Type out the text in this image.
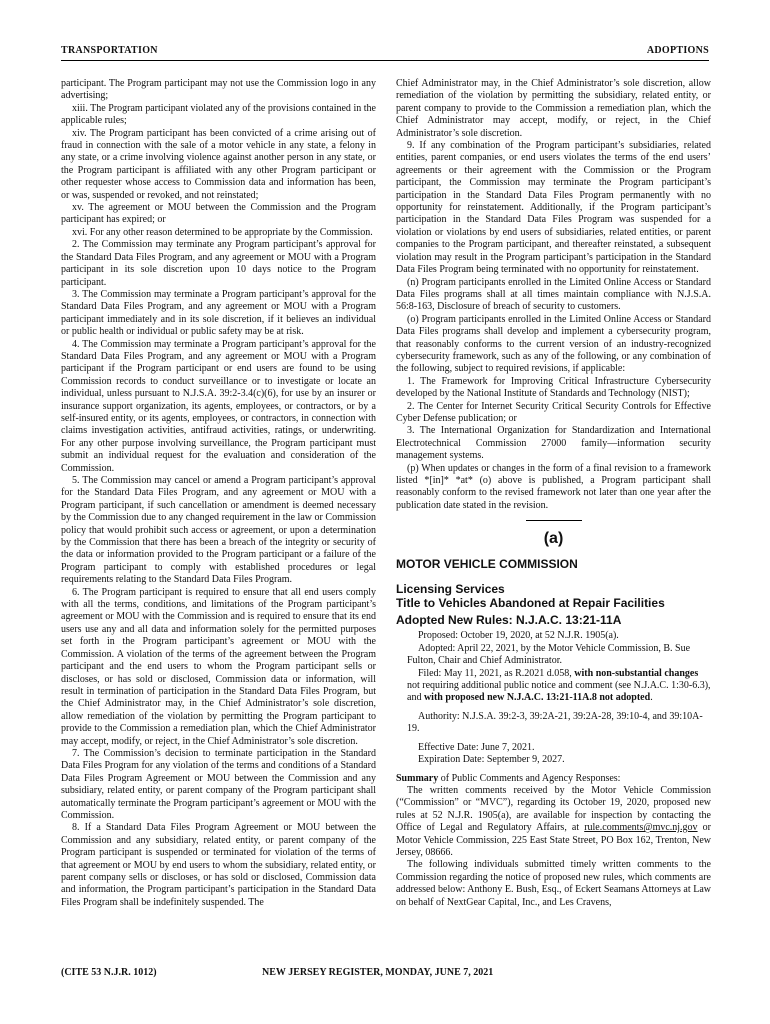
TRANSPORTATION	ADOPTIONS

participant. The Program participant may not use the Commission logo in any advertising;

xiii. The Program participant violated any of the provisions contained in the applicable rules;

xiv. The Program participant has been convicted of a crime arising out of fraud in connection with the sale of a motor vehicle in any state, a felony in any state, or a crime involving violence against another person in any state, or the Program participant is affiliated with any other Program participant or other requester whose access to Commission data and information has been, or was, suspended or revoked, and not reinstated;

xv. The agreement or MOU between the Commission and the Program participant has expired; or

xvi. For any other reason determined to be appropriate by the Commission.

2. The Commission may terminate any Program participant’s approval for the Standard Data Files Program, and any agreement or MOU with a Program participant in its sole discretion upon 10 days notice to the Program participant.

3. The Commission may terminate a Program participant’s approval for the Standard Data Files Program, and any agreement or MOU with a Program participant immediately and in its sole discretion, if it believes an individual or public health or individual or public safety may be at risk.

4. The Commission may terminate a Program participant’s approval for the Standard Data Files Program, and any agreement or MOU with a Program participant if the Program participant or end users are found to be using Commission records to conduct surveillance or to investigate or locate an individual, unless pursuant to N.J.S.A. 39:2-3.4(c)(6), for use by an insurer or insurance support organization, its agents, employees, or contractors, or by a self-insured entity, or its agents, employees, or contractors, in connection with claims investigation activities, antifraud activities, ratings, or underwriting. For any other purpose involving surveillance, the Program participant must submit an individual request for the evaluation and consideration of the Commission.

5. The Commission may cancel or amend a Program participant’s approval for the Standard Data Files Program, and any agreement or MOU with a Program participant, if such cancellation or amendment is deemed necessary by the Commission due to any changed requirement in the law or Commission policy that would prohibit such access or agreement, or upon a determination by the Commission that there has been a breach of the integrity or security of the data or information provided to the Program participant or a failure of the Program participant to comply with established procedures or legal requirements relating to the Standard Data Files Program.

6. The Program participant is required to ensure that all end users comply with all the terms, conditions, and limitations of the Program participant’s agreement or MOU with the Commission and is required to ensure that its end users use any and all data and information solely for the permitted purposes set forth in the Program participant’s agreement or MOU with the Commission. A violation of the terms of the agreement between the Program participant and the end users to whom the Program participant sells or discloses, or has sold or disclosed, Commission data or information, will result in termination of participation in the Standard Data Files Program, but the Chief Administrator may, in the Chief Administrator’s sole discretion, allow remediation of the violation by permitting the Program participant to provide to the Commission a remediation plan, which the Chief Administrator may accept, modify, or reject, in the Chief Administrator’s sole discretion.

7. The Commission’s decision to terminate participation in the Standard Data Files Program for any violation of the terms and conditions of a Standard Data Files Program Agreement or MOU between the Commission and any subsidiary, related entity, or parent company of the Program participant shall automatically terminate the Program participant’s agreement or MOU with the Commission.

8. If a Standard Data Files Program Agreement or MOU between the Commission and any subsidiary, related entity, or parent company of the Program participant is suspended or terminated for violation of the terms of that agreement or MOU by end users to whom the subsidiary, related entity, or parent company sells or discloses, or has sold or disclosed, Commission data and information, the Program participant’s participation in the Standard Data Files Program shall be indefinitely suspended. The

Chief Administrator may, in the Chief Administrator’s sole discretion, allow remediation of the violation by permitting the subsidiary, related entity, or parent company to provide to the Commission a remediation plan, which the Chief Administrator may accept, modify, or reject, in the Chief Administrator’s sole discretion.

9. If any combination of the Program participant’s subsidiaries, related entities, parent companies, or end users violates the terms of the end users’ agreements or their agreement with the Commission or the Program participant, the Commission may terminate the Program participant’s participation in the Standard Data Files Program permanently with no opportunity for reinstatement. Additionally, if the Program participant’s participation in the Standard Data Files Program was suspended for a violation or violations by end users of subsidiaries, related entities, or parent companies to the Program participant, and thereafter reinstated, a subsequent violation may result in the Program participant’s participation in the Standard Data Files Program being terminated with no opportunity for reinstatement.

(n) Program participants enrolled in the Limited Online Access or Standard Data Files programs shall at all times maintain compliance with N.J.S.A. 56:8-163, Disclosure of breach of security to customers.

(o) Program participants enrolled in the Limited Online Access or Standard Data Files programs shall develop and implement a cybersecurity program, that reasonably conforms to the current version of an industry-recognized cybersecurity framework, such as any of the following, or any combination of the following, subject to required revisions, if applicable:

1. The Framework for Improving Critical Infrastructure Cybersecurity developed by the National Institute of Standards and Technology (NIST);

2. The Center for Internet Security Critical Security Controls for Effective Cyber Defense publication; or

3. The International Organization for Standardization and International Electrotechnical Commission 27000 family—information security management systems.

(p) When updates or changes in the form of a final revision to a framework listed *[in]* *at* (o) above is published, a Program participant shall reasonably conform to the revised framework not later than one year after the publication date stated in the revision.

(a)
MOTOR VEHICLE COMMISSION
Licensing Services
Title to Vehicles Abandoned at Repair Facilities
Adopted New Rules: N.J.A.C. 13:21-11A

Proposed: October 19, 2020, at 52 N.J.R. 1905(a).

Adopted: April 22, 2021, by the Motor Vehicle Commission, B. Sue Fulton, Chair and Chief Administrator.

Filed: May 11, 2021, as R.2021 d.058, with non-substantial changes not requiring additional public notice and comment (see N.J.A.C. 1:30-6.3), and with proposed new N.J.A.C. 13:21-11A.8 not adopted.

Authority: N.J.S.A. 39:2-3, 39:2A-21, 39:2A-28, 39:10-4, and 39:10A-19.

Effective Date: June 7, 2021.

Expiration Date: September 9, 2027.

Summary of Public Comments and Agency Responses:

The written comments received by the Motor Vehicle Commission (“Commission” or “MVC”), regarding its October 19, 2020, proposed new rules at 52 N.J.R. 1905(a), are available for inspection by contacting the Office of Legal and Regulatory Affairs, at rule.comments@mvc.nj.gov or Motor Vehicle Commission, 225 East State Street, PO Box 162, Trenton, New Jersey, 08666.

The following individuals submitted timely written comments to the Commission regarding the notice of proposed new rules, which comments are addressed below: Anthony E. Bush, Esq., of Eckert Seamans Attorneys at Law on behalf of NextGear Capital, Inc., and Les Cravens,

(CITE 53 N.J.R. 1012)	NEW JERSEY REGISTER, MONDAY, JUNE 7, 2021
